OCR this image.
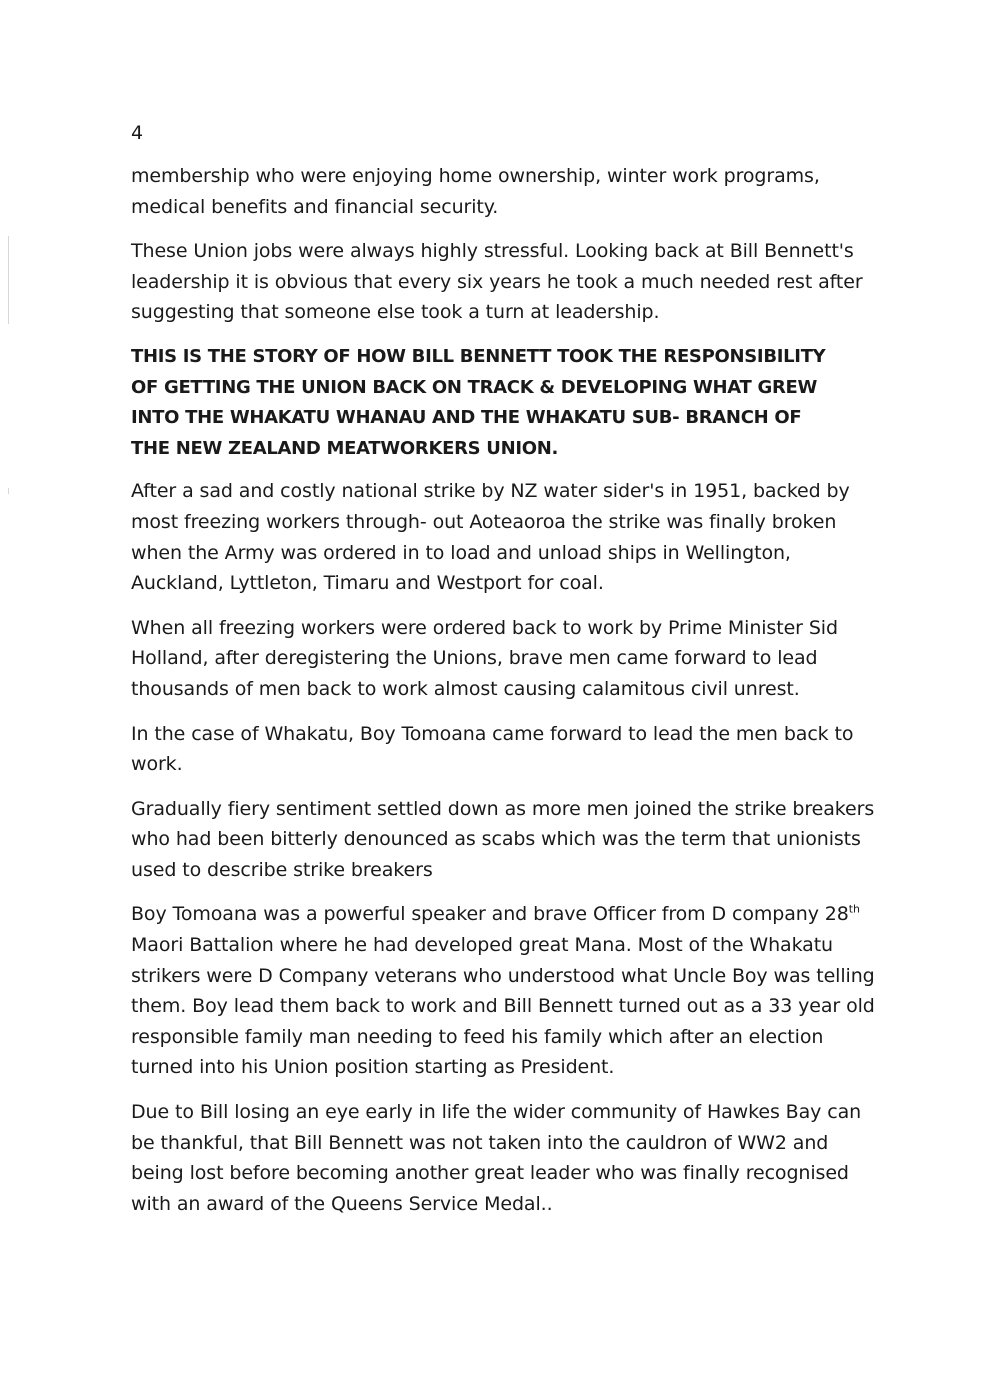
4

membership who were enjoying home ownership, winter work programs,
medical benefits and financial security.

These Union jobs were always highly stressful. Looking back at Bill Bennett's
leadership it is obvious that every six years he took a much needed rest after
suggesting that someone else took a turn at leadership.

THIS IS THE STORY OF HOW BILL BENNETT TOOK THE RESPONSIBILITY
OF GETTING THE UNION BACK ON TRACK & DEVELOPING WHAT GREW
INTO THE WHAKATU WHANAU AND THE WHAKATU SUB- BRANCH OF
THE NEW ZEALAND MEATWORKERS UNION.

After a sad and costly national strike by NZ water sider's in 1951, backed by
most freezing workers through- out Aoteaoroa the strike was finally broken
when the Army was ordered in to load and unload ships in Wellington,
Auckland, Lyttleton, Timaru and Westport for coal.

When all freezing workers were ordered back to work by Prime Minister Sid
Holland, after deregistering the Unions, brave men came forward to lead
thousands of men back to work almost causing calamitous civil unrest.

In the case of Whakatu, Boy Tomoana came forward to lead the men back to
work.

Gradually fiery sentiment settled down as more men joined the strike breakers
who had been bitterly denounced as scabs which was the term that unionists
used to describe strike breakers

Boy Tomoana was a powerful speaker and brave Officer from D company 28th
Maori Battalion where he had developed great Mana. Most of the Whakatu
strikers were D Company veterans who understood what Uncle Boy was telling
them. Boy lead them back to work and Bill Bennett turned out as a 33 year old
responsible family man needing to feed his family which after an election
turned into his Union position starting as President.

Due to Bill losing an eye early in life the wider community of Hawkes Bay can
be thankful, that Bill Bennett was not taken into the cauldron of WW2 and
being lost before becoming another great leader who was finally recognised
with an award of the Queens Service Medal..
